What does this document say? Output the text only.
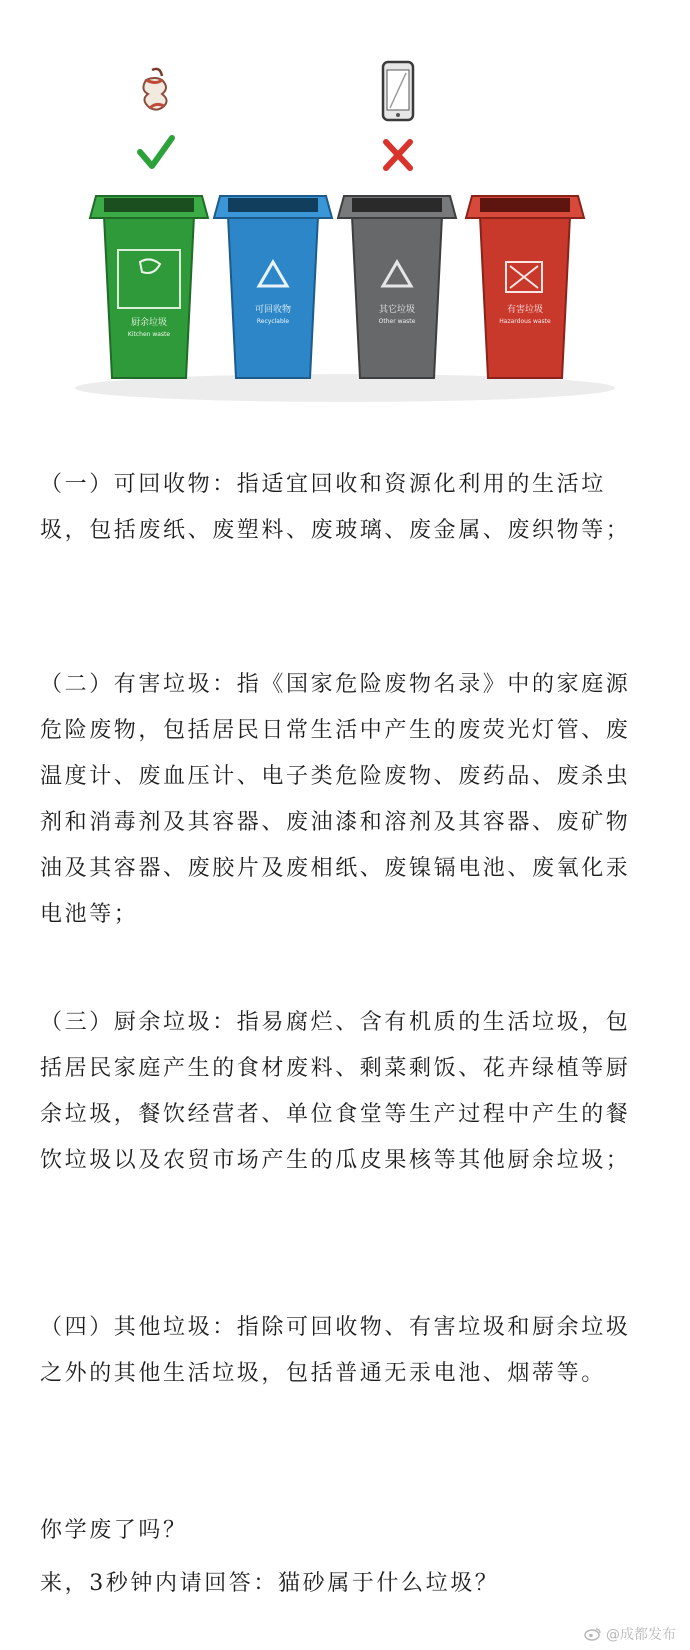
厨余垃圾
Kitchen waste
可回收物
Recyclable
其它垃圾
Other waste
有害垃圾
Hazardous waste

（一）可回收物：指适宜回收和资源化利用的生活垃圾，包括废纸、废塑料、废玻璃、废金属、废织物等；

（二）有害垃圾：指《国家危险废物名录》中的家庭源危险废物，包括居民日常生活中产生的废荧光灯管、废温度计、废血压计、电子类危险废物、废药品、废杀虫剂和消毒剂及其容器、废油漆和溶剂及其容器、废矿物油及其容器、废胶片及废相纸、废镍镉电池、废氧化汞电池等；

（三）厨余垃圾：指易腐烂、含有机质的生活垃圾，包括居民家庭产生的食材废料、剩菜剩饭、花卉绿植等厨余垃圾，餐饮经营者、单位食堂等生产过程中产生的餐饮垃圾以及农贸市场产生的瓜皮果核等其他厨余垃圾；

（四）其他垃圾：指除可回收物、有害垃圾和厨余垃圾之外的其他生活垃圾，包括普通无汞电池、烟蒂等。

你学废了吗？

来，3秒钟内请回答：猫砂属于什么垃圾？

@成都发布
